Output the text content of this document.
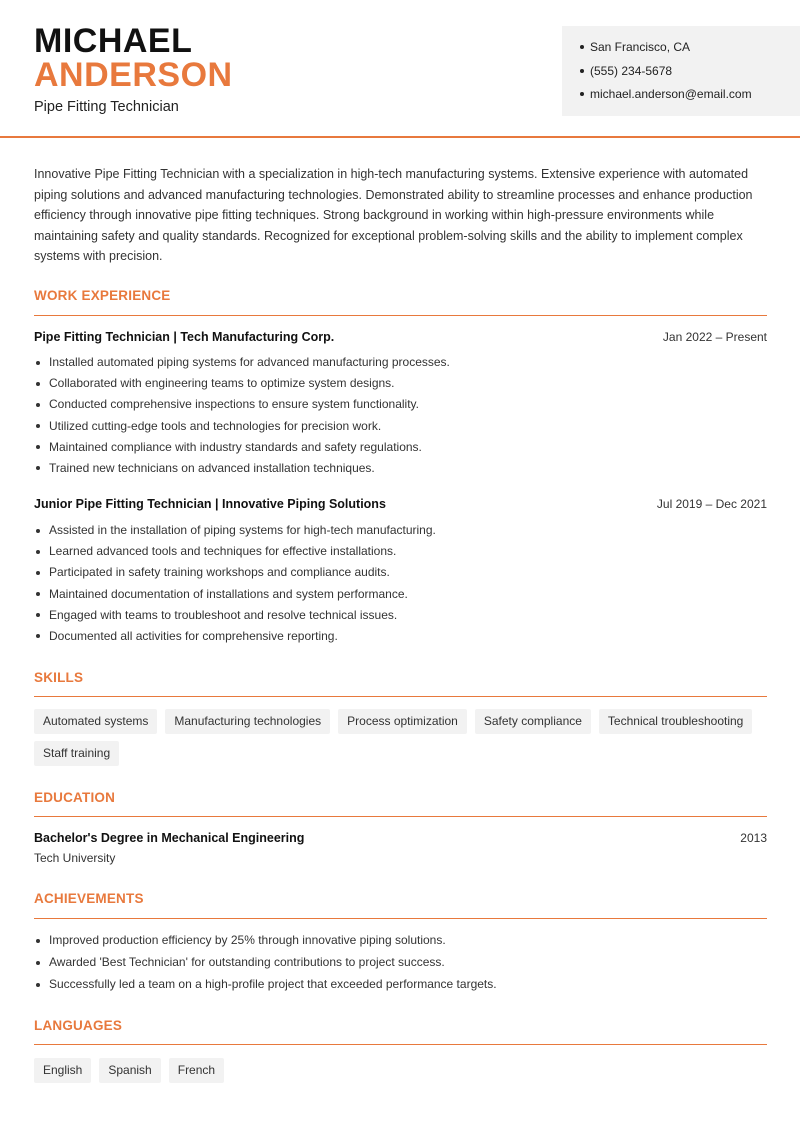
MICHAEL
ANDERSON
Pipe Fitting Technician
San Francisco, CA
(555) 234-5678
michael.anderson@email.com

Innovative Pipe Fitting Technician with a specialization in high-tech manufacturing systems. Extensive experience with automated piping solutions and advanced manufacturing technologies. Demonstrated ability to streamline processes and enhance production efficiency through innovative pipe fitting techniques. Strong background in working within high-pressure environments while maintaining safety and quality standards. Recognized for exceptional problem-solving skills and the ability to implement complex systems with precision.

WORK EXPERIENCE
Pipe Fitting Technician | Tech Manufacturing Corp.	Jan 2022 – Present
Installed automated piping systems for advanced manufacturing processes.
Collaborated with engineering teams to optimize system designs.
Conducted comprehensive inspections to ensure system functionality.
Utilized cutting-edge tools and technologies for precision work.
Maintained compliance with industry standards and safety regulations.
Trained new technicians on advanced installation techniques.
Junior Pipe Fitting Technician | Innovative Piping Solutions	Jul 2019 – Dec 2021
Assisted in the installation of piping systems for high-tech manufacturing.
Learned advanced tools and techniques for effective installations.
Participated in safety training workshops and compliance audits.
Maintained documentation of installations and system performance.
Engaged with teams to troubleshoot and resolve technical issues.
Documented all activities for comprehensive reporting.
SKILLS
Automated systems	Manufacturing technologies	Process optimization	Safety compliance	Technical troubleshooting
Staff training
EDUCATION
Bachelor's Degree in Mechanical Engineering	2013
Tech University
ACHIEVEMENTS
Improved production efficiency by 25% through innovative piping solutions.
Awarded 'Best Technician' for outstanding contributions to project success.
Successfully led a team on a high-profile project that exceeded performance targets.
LANGUAGES
English	Spanish	French
